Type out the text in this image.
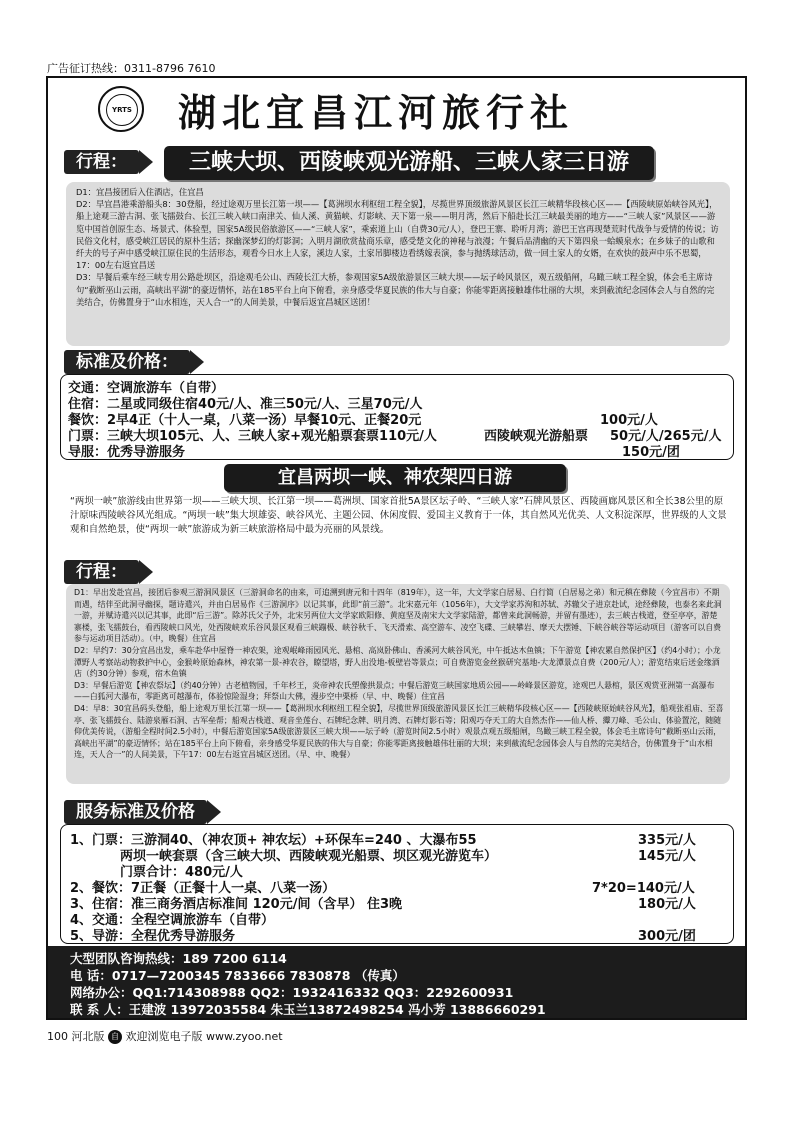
广告征订热线：0311-8796 7610
YRTS 湖北宜昌江河旅行社
行程：	三峡大坝、西陵峡观光游船、三峡人家三日游

D1：宜昌接团后入住酒店，住宜昌

D2：早宜昌港乘游船头8：30登船，经过途观万里长江第一坝——【葛洲坝水利枢纽工程全貌】，尽揽世界顶级旅游风景区长江三峡精华段核心区——【西陵峡原始峡谷风光】，船上途观三游古洞、张飞擂鼓台、长江三峡入峡口南津关、仙人溪、黄猫峡、灯影峡、天下第一泉——明月湾，然后下船赴长江三峡最美丽的地方——“三峡人家”风景区——游览中国首创原生态、场景式、体验型，国家5A级民俗旅游区——“三峡人家”，乘索道上山（自费30元/人），登巴王寨、聆听月湾；游巴王宫再现楚荒时代战争与爱情的传说；访民俗文化村，感受峡江居民的原朴生活；探幽深梦幻的灯影洞；入明月湖欣赏盐商乐章，感受楚文化的神秘与浪漫；午餐后品清幽的天下第四泉一蛤蟆泉水；在乡妹子的山歌和纤夫的号子声中感受峡江原住民的生活形态，观看今日水上人家，溪边人家，土家吊脚楼边看绣嫁表演，参与抛绣球活动，做一回土家人的女婿，在欢快的鼓声中乐不思蜀，17：00左右返宜昌送

D3：早餐后乘车经三峡专用公路赴坝区，沿途观毛公山、西陵长江大桥，参观国家5A级旅游景区三峡大坝——坛子岭风景区，观五级船闸，乌瞰三峡工程全貌，体会毛主席诗句“截断巫山云雨，高峡出平湖”的豪迈情怀，站在185平台上向下俯看，亲身感受华夏民族的伟大与自豪；你能零距离接触雄伟壮丽的大坝，来到截流纪念园体会人与自然的完美结合，仿佛置身于“山水相连，天人合一”的人间美景，中餐后返宜昌城区送团！

标准及价格：
交通：空调旅游车（自带）
住宿：二星或同级住宿40元/人、准三50元/人、三星70元/人
餐饮：2早4正（十人一桌，八菜一汤）早餐10元、正餐20元	100元/人
门票：三峡大坝105元、人、三峡人家+观光船票套票110元/人	西陵峡观光游船票 50元/人/265元/人
导服：优秀导游服务	150元/团
宜昌两坝一峡、神农架四日游
“两坝一峡”旅游线由世界第一坝——三峡大坝、长江第一坝——葛洲坝、国家首批5A景区坛子岭、“三峡人家”石牌风景区、西陵画廊风景区和全长38公里的原汁原味西陵峡谷风光组成。“两坝一峡”集大坝雄姿、峡谷风光、主题公园、休闲度假、爱国主义教育于一体，其自然风光优美、人文积淀深厚，世界级的人文景观和自然绝景，使“两坝一峡”旅游成为新三峡旅游格局中最为亮丽的风景线。
行程：

D1：早出发赴宜昌，接团后参观三游洞风景区（三游洞命名的由来，可追溯到唐元和十四年（819年），这一年，大文学家白居易、白行简（白居易之弟）和元稹在彝陵（今宜昌市）不期而遇，结伴至此洞寻幽探，题诗遣兴，并由白居易作《三游洞序》以记其事，此即“前三游”。北宋嘉元年（1056年），大文学家苏洵和苏轼、苏辙父子进京赴试，途经彝陵，也泰名来此洞一游，并赋诗遣兴以记其事，此即“后三游”。除苏氏父子外，北宋另两位大文学家欧阳修、黄庭坚及南宋大文学家陆游，都曾来此洞畅游，并留有墨迹），去三峡古栈道，登至亭亭，游楚寨楼，张飞擂鼓台，看西陵峡口风光，处西陵峡欢乐谷风景区观看三峡蹦极、峡谷秋千、飞天滑索、高空游车、凌空飞碟、三峡攀岩、摩天大摆锤、下峡谷峡谷等运动项目（游客可以自费参与运动项目活动）。（中，晚餐）住宜昌

D2：早约7：30分宜昌出发，乘车赴华中屋脊一神农架，途观岷峰雨园风光、悬棺、高岚卧佛山、香溪河大峡谷风光，中午抵达木鱼镇；下午游览【神农累自然保护区】（约4小时）；小龙潭野人考察站动物救护中心，金猴岭原始森林，神农第一景-神农谷，瞭望塔，野人出没地-板壁岩等景点；可自费游览金丝猴研究基地-大龙潭景点自费（200元/人）；游览结束后送金缘酒店（约30分钟）参观，宿木鱼镇

D3：早餐后游览【神农祭坛】（约40分钟）古老植物园，千年杉王，炎帝神农氏塑像拱景点；中餐后游览三峡国家地质公园——岭峰景区游览，途观巴人悬棺，景区观赏亚洲第一高瀑布——白狐河大瀑布，零距离可越瀑布，体验惊险湿身；拜祭山大佛，漫步空中栗桥（早、中、晚餐）住宜昌

D4：早8：30宜昌码头登船，船上途观万里长江第一坝——【葛洲坝水利枢纽工程全貌】，尽揽世界顶级旅游风景区长江三峡精华段核心区——【西陵峡原始峡谷风光】，船观张祖庙、至喜亭、张飞擂鼓台、陆游泉雁石洞、古军垒帮；船观古栈道、观音坐莲台、石牌纪念牌、明月湾、石牌灯影石等；阳观巧夺天工的大自然杰作——仙人桥、䨵刀峰、毛公山、体验置沱，随随仰优美传说，（游船全程时间2.5小时），中餐后游览国家5A级旅游景区三峡大坝——坛子岭（游览时间2.5小时）观景点观五级船闸，鸟瞰三峡工程全貌，体会毛主席诗句“截断巫山云雨，高峡出平湖”的豪迈情怀；站在185平台上向下俯看，亲身感受华夏民族的伟大与自豪；你能零距离接触雄伟壮丽的大坝；来到截流纪念园体会人与自然的完美结合，仿佛置身于“山水相连，天人合一”的人间美景，下午17：00左右返宜昌城区送团。（早、中、晚餐）

服务标准及价格
1、门票：三游洞40、（神农顶+ 神农坛）+环保车=240 、大瀑布55	335元/人
两坝一峡套票（含三峡大坝、西陵峡观光船票、坝区观光游览车）	145元/人
门票合计：480元/人
2、餐饮：7正餐（正餐十人一桌、八菜一汤）	7*20=140元/人
3、住宿：准三商务酒店标准间 120元/间（含早） 住3晚	180元/人
4、交通：全程空调旅游车（自带）
5、导游：全程优秀导游服务	300元/团
大型团队咨询热线：189 7200 6114
电 话：0717—7200345 7833666 7830878 （传真）
网络办公：QQ1:714308988 QQ2：1932416332 QQ3：2292600931
联 系 人：王建波 13972035584 朱玉兰13872498254 冯小芳 13886660291
100 河北版 自 欢迎浏览电子版 www.zyoo.net
